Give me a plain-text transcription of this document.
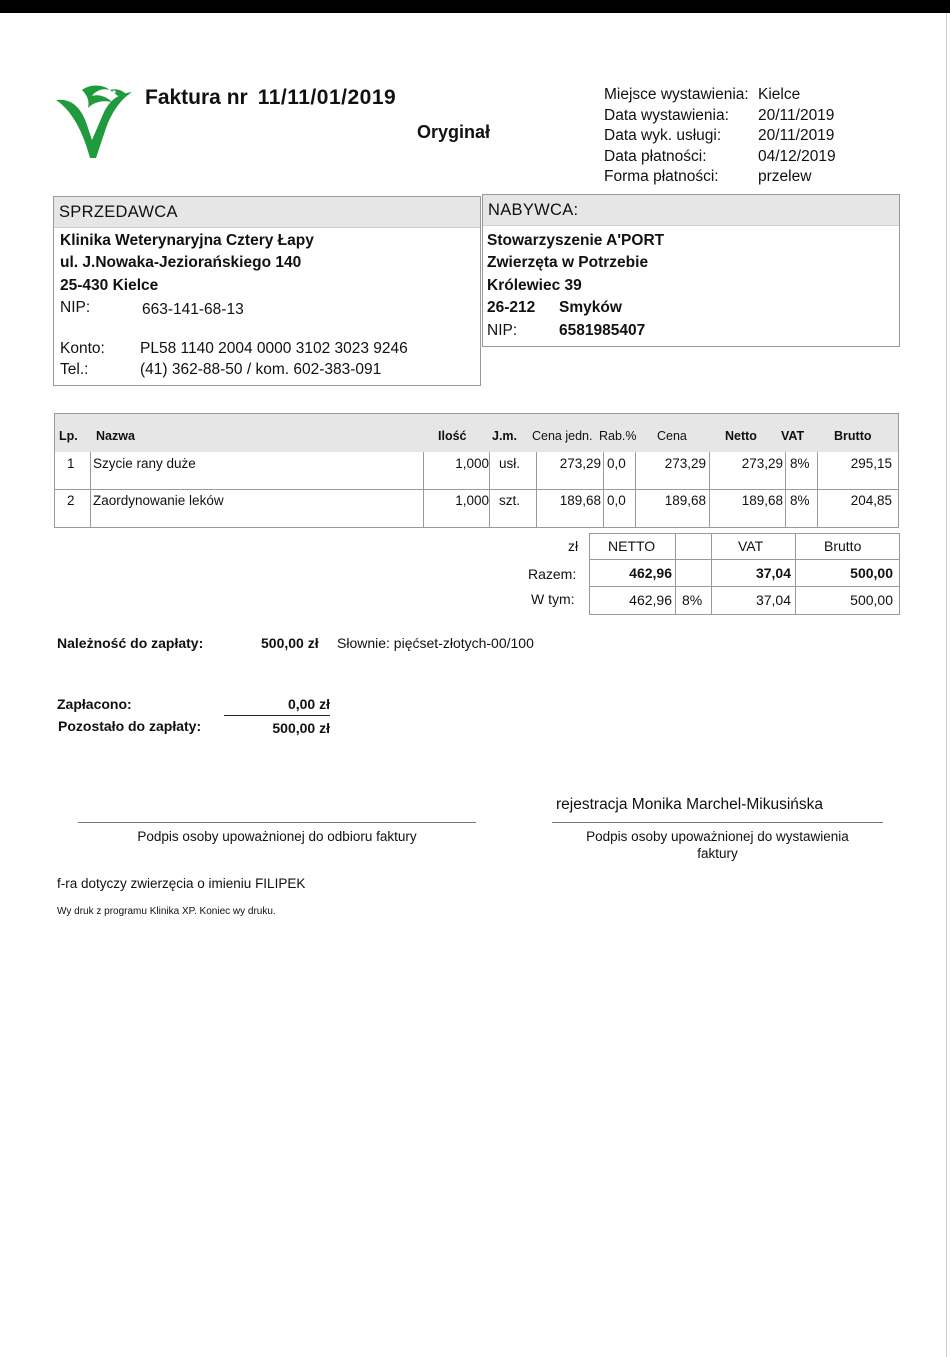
Faktura nr 11/11/01/2019
Oryginał
Miejsce wystawienia: Kielce
Data wystawienia: 20/11/2019
Data wyk. usługi: 20/11/2019
Data płatności:	04/12/2019
Forma płatności:	przelew
SPRZEDAWCA
Klinika Weterynaryjna Cztery Łapy
ul. J.Nowaka-Jeziorańskiego 140
25-430 Kielce
NIP:	663-141-68-13
Konto: PL58 1140 2004 0000 3102 3023 9246
Tel.:	(41) 362-88-50 / kom. 602-383-091
NABYWCA:
Stowarzyszenie A'PORT
Zwierzęta w Potrzebie
Królewiec 39
26-212 Smyków
NIP:	6581985407
Lp. Nazwa	Ilość J.m. Cena jedn. Rab.% Cena	Netto VAT Brutto
1 Szycie rany duże	1,000 usł.	273,29 0,0	273,29	273,29 8%	295,15
2 Zaordynowanie leków	1,000 szt.	189,68 0,0	189,68	189,68 8%	204,85
zł
Razem:
W tym:
NETTO	VAT	Brutto
462,96	37,04	500,00
462,96 8%	37,04	500,00
Należność do zapłaty:	500,00 zł Słownie: pięćset-złotych-00/100
Zapłacono:	0,00 zł
Pozostało do zapłaty:	500,00 zł
rejestracja Monika Marchel-Mikusińska
Podpis osoby upoważnionej do odbioru faktury	Podpis osoby upoważnionej do wystawienia
faktury
f-ra dotyczy zwierzęcia o imieniu FILIPEK
Wy druk z programu Klinika XP. Koniec wy druku.
